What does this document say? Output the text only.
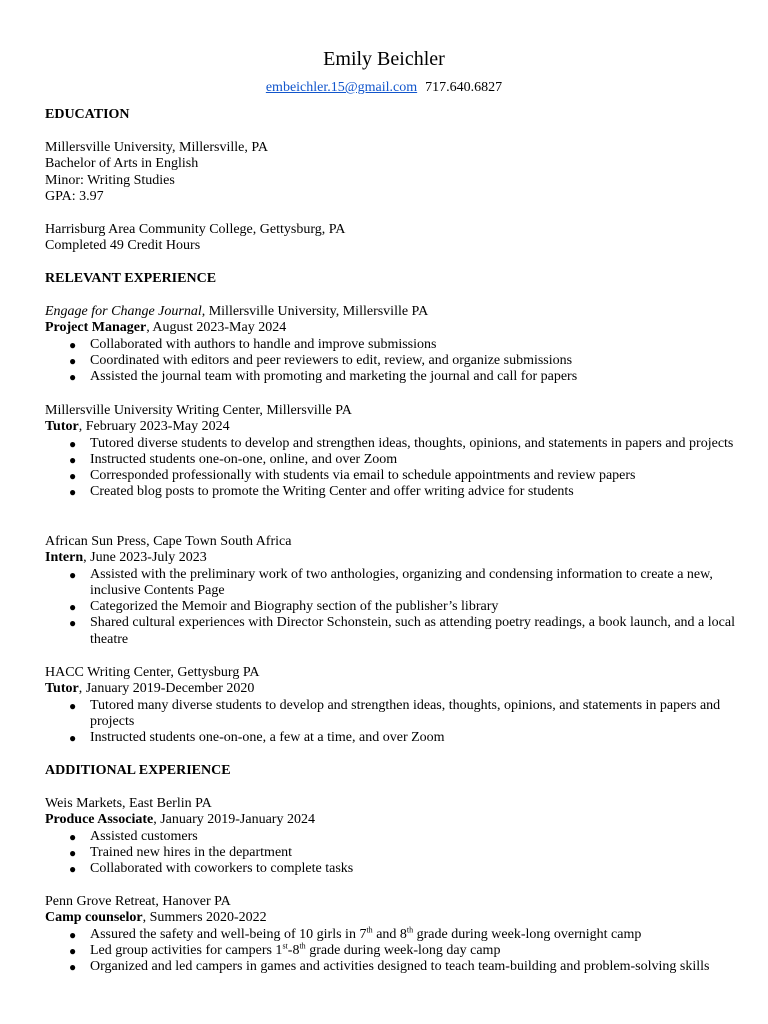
Emily Beichler
embeichler.15@gmail.com 717.640.6827
EDUCATION
Millersville University, Millersville, PA
Bachelor of Arts in English
Minor: Writing Studies
GPA: 3.97
Harrisburg Area Community College, Gettysburg, PA
Completed 49 Credit Hours
RELEVANT EXPERIENCE
Engage for Change Journal, Millersville University, Millersville PA
Project Manager, August 2023-May 2024
● Collaborated with authors to handle and improve submissions
● Coordinated with editors and peer reviewers to edit, review, and organize submissions
● Assisted the journal team with promoting and marketing the journal and call for papers
Millersville University Writing Center, Millersville PA
Tutor, February 2023-May 2024
● Tutored diverse students to develop and strengthen ideas, thoughts, opinions, and statements in papers and projects
● Instructed students one-on-one, online, and over Zoom
● Corresponded professionally with students via email to schedule appointments and review papers
● Created blog posts to promote the Writing Center and offer writing advice for students
African Sun Press, Cape Town South Africa
Intern, June 2023-July 2023
● Assisted with the preliminary work of two anthologies, organizing and condensing information to create a new, inclusive Contents Page
● Categorized the Memoir and Biography section of the publisher’s library
● Shared cultural experiences with Director Schonstein, such as attending poetry readings, a book launch, and a local theatre
HACC Writing Center, Gettysburg PA
Tutor, January 2019-December 2020
● Tutored many diverse students to develop and strengthen ideas, thoughts, opinions, and statements in papers and projects
● Instructed students one-on-one, a few at a time, and over Zoom
ADDITIONAL EXPERIENCE
Weis Markets, East Berlin PA
Produce Associate, January 2019-January 2024
● Assisted customers
● Trained new hires in the department
● Collaborated with coworkers to complete tasks
Penn Grove Retreat, Hanover PA
Camp counselor, Summers 2020-2022
● Assured the safety and well-being of 10 girls in 7th and 8th grade during week-long overnight camp
● Led group activities for campers 1st-8th grade during week-long day camp
● Organized and led campers in games and activities designed to teach team-building and problem-solving skills
